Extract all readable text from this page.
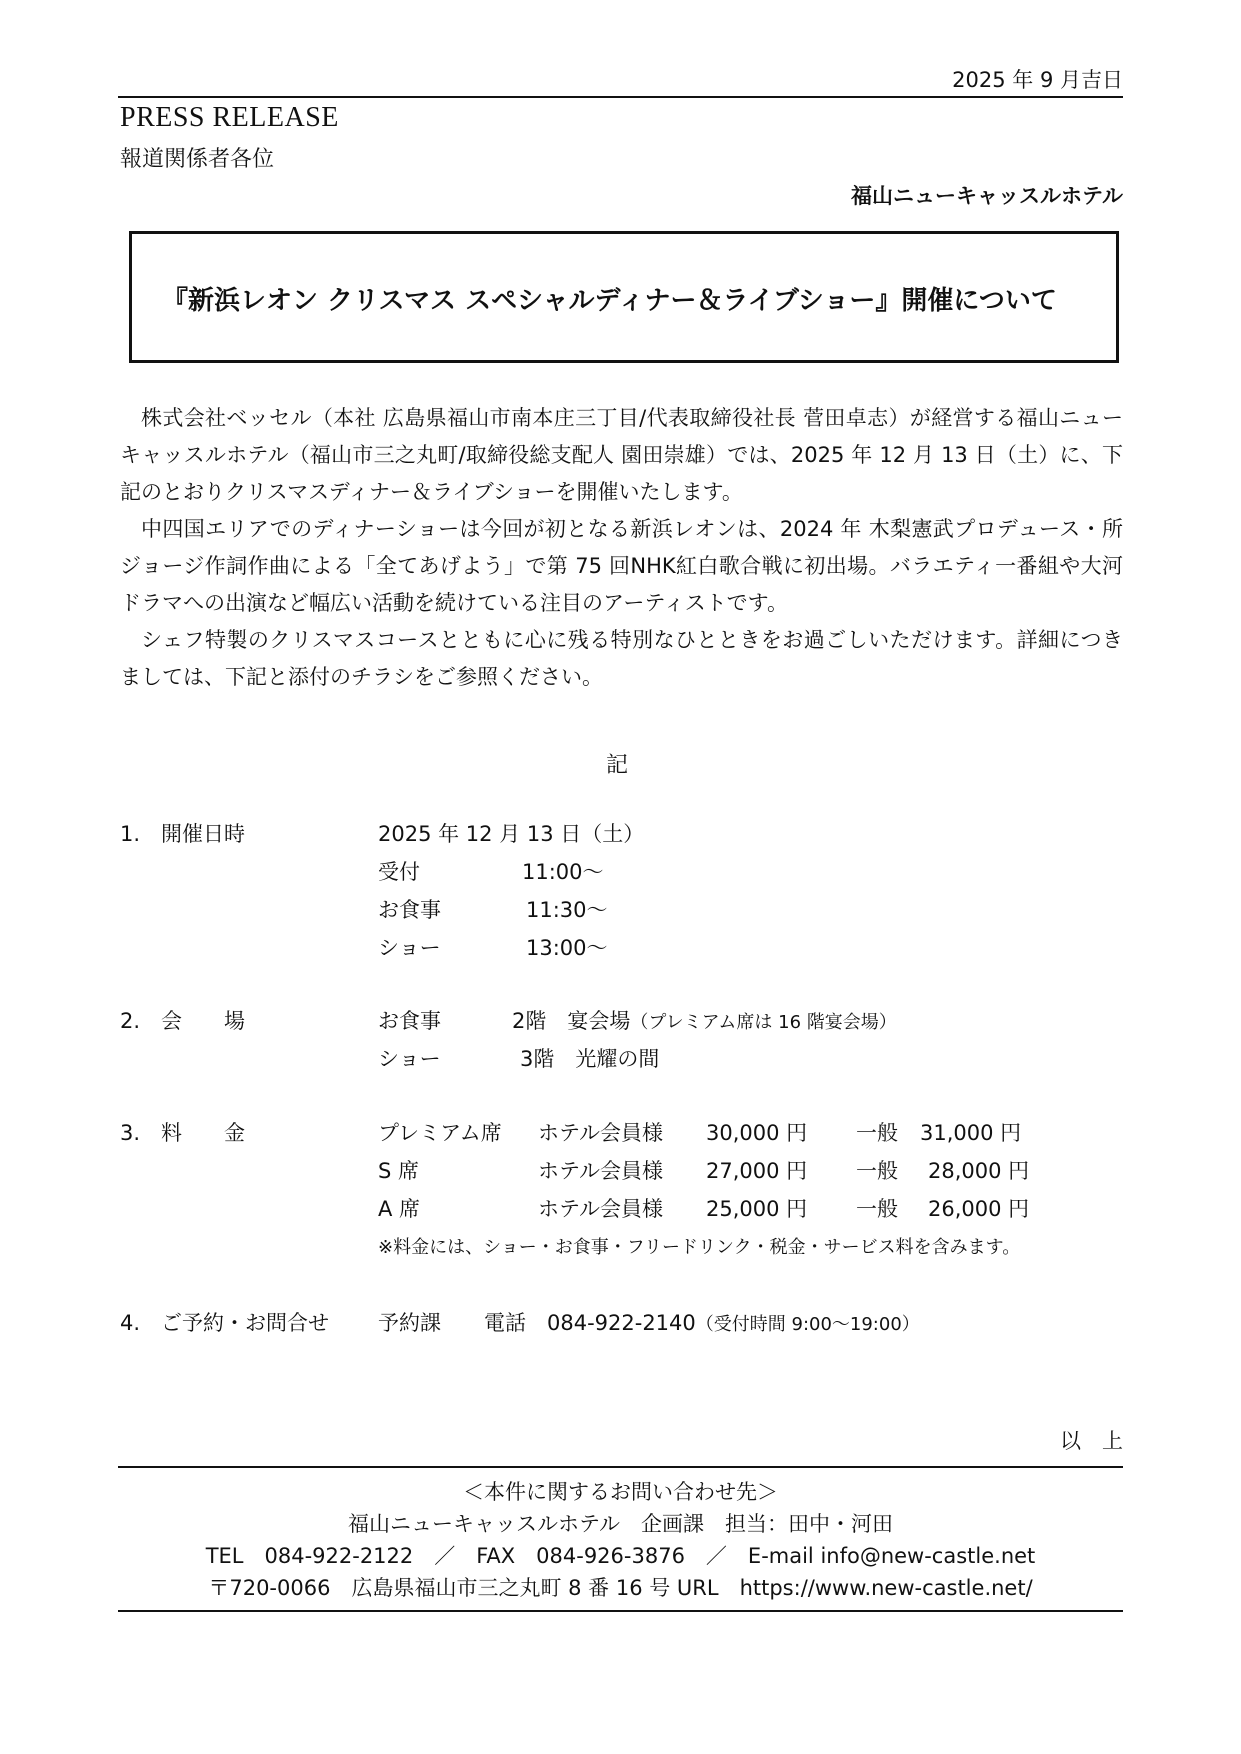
2025 年 9 月吉日
PRESS RELEASE
報道関係者各位
福山ニューキャッスルホテル
『新浜レオン クリスマス スペシャルディナー＆ライブショー』開催について

株式会社ベッセル（本社 広島県福山市南本庄三丁目/代表取締役社長 菅田卓志）が経営する福山ニューキャッスルホテル（福山市三之丸町/取締役総支配人 園田崇雄）では、2025 年 12 月 13 日（土）に、下記のとおりクリスマスディナー＆ライブショーを開催いたします。

中四国エリアでのディナーショーは今回が初となる新浜レオンは、2024 年 木梨憲武プロデュース・所ジョージ作詞作曲による「全てあげよう」で第 75 回NHK紅白歌合戦に初出場。バラエティ一番組や大河ドラマへの出演など幅広い活動を続けている注目のアーティストです。

シェフ特製のクリスマスコースとともに心に残る特別なひとときをお過ごしいただけます。詳細につきましては、下記と添付のチラシをご参照ください。

記
1.　開催日時	2025 年 12 月 13 日（土）
受付	11:00～
お食事	11:30～
ショー	13:00～
2.　会　　場	お食事	2階　宴会場（プレミアム席は 16 階宴会場）
ショー	3階　光耀の間
3.　料　　金	プレミアム席 ホテル会員様 30,000 円 一般 31,000 円
S 席	ホテル会員様 27,000 円 一般 28,000 円
A 席	ホテル会員様 25,000 円 一般 26,000 円
※料金には、ショー・お食事・フリードリンク・税金・サービス料を含みます。
4.　ご予約・お問合せ 予約課 電話　084-922-2140（受付時間 9:00～19:00）
以　上
＜本件に関するお問い合わせ先＞
福山ニューキャッスルホテル　企画課　担当：田中・河田
TEL　084-922-2122　／　FAX　084-926-3876　／　E-mail info@new-castle.net
〒720-0066　広島県福山市三之丸町 8 番 16 号 URL　https://www.new-castle.net/
